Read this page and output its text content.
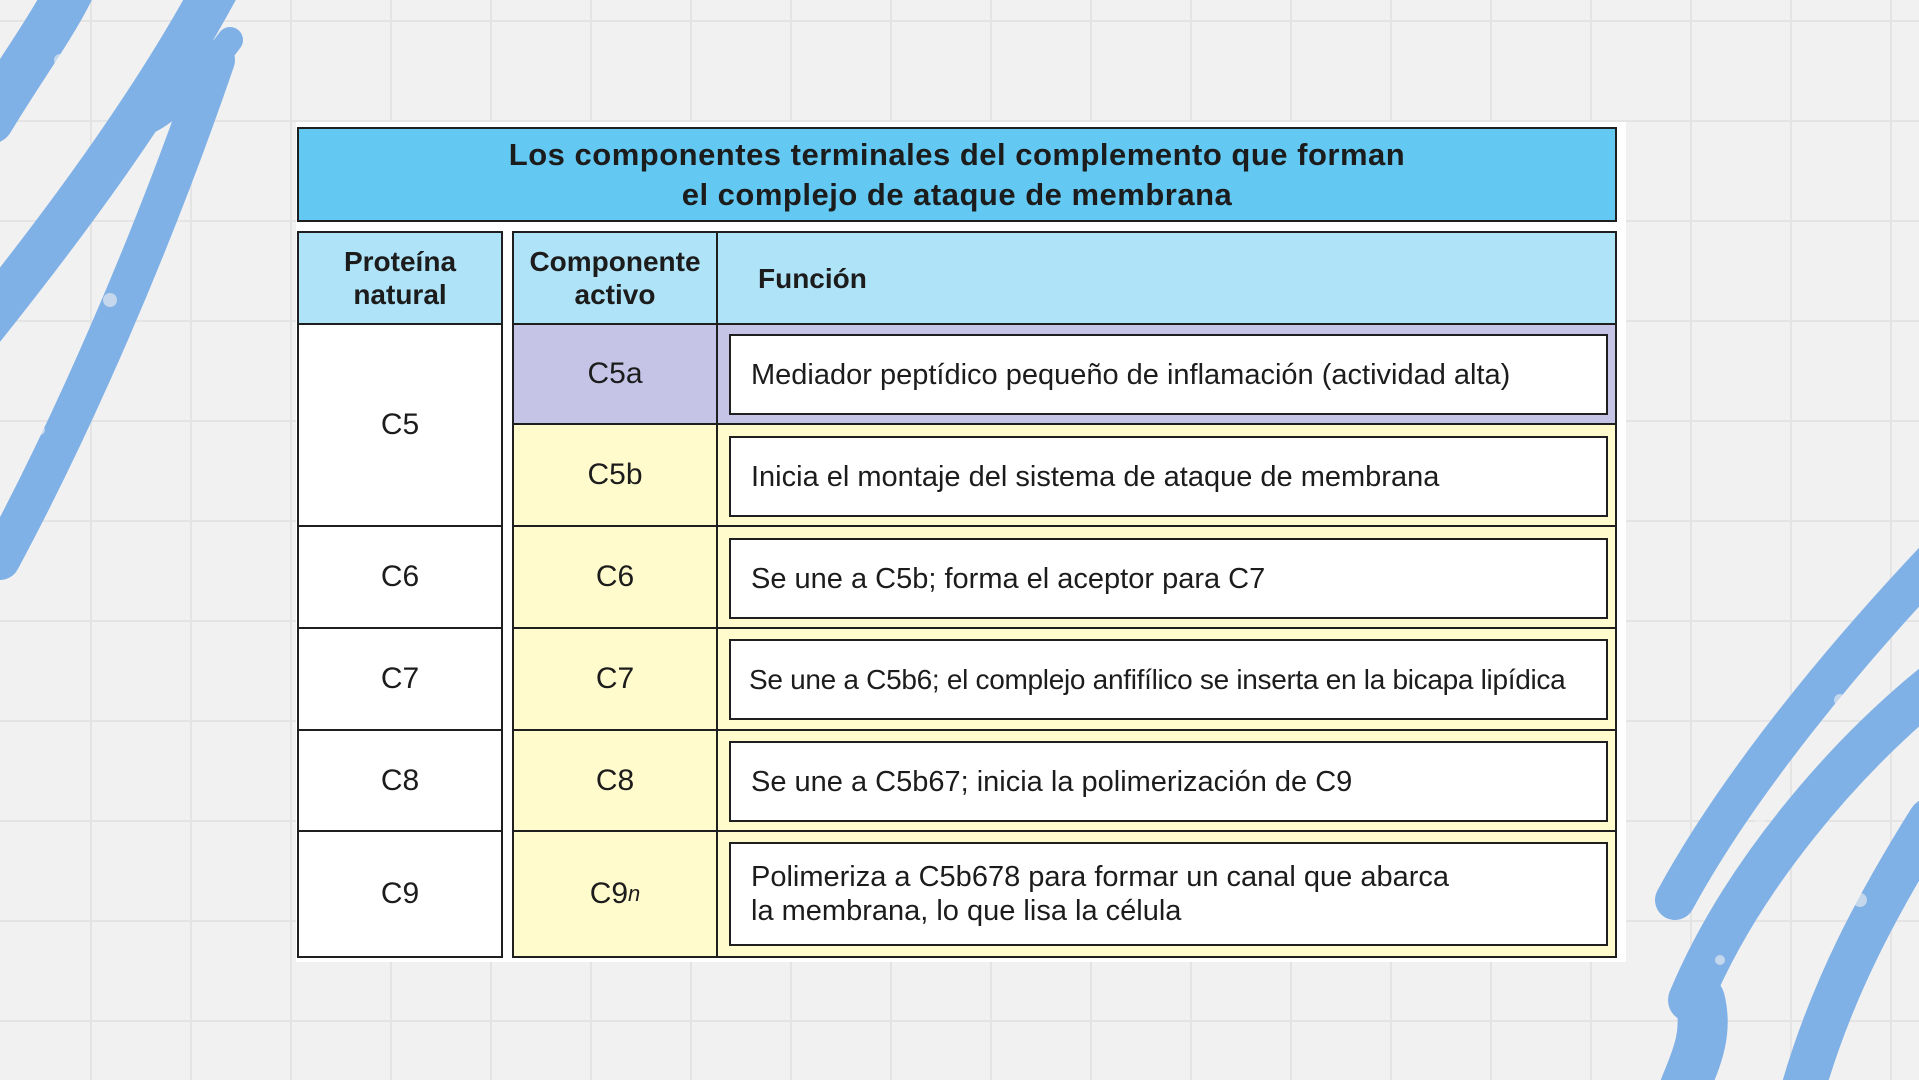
Los componentes terminales del complemento que forman
el complejo de ataque de membrana
Proteína
natural
Componente
activo
Función
C5
C6
C7
C8
C9
C5a
C5b
C6
C7
C8
C9 n
Mediador peptídico pequeño de inflamación (actividad alta)
Inicia el montaje del sistema de ataque de membrana
Se une a C5b; forma el aceptor para C7
Se une a C5b6; el complejo anfifílico se inserta en la bicapa lipídica
Se une a C5b67; inicia la polimerización de C9
Polimeriza a C5b678 para formar un canal que abarca
la membrana, lo que lisa la célula
